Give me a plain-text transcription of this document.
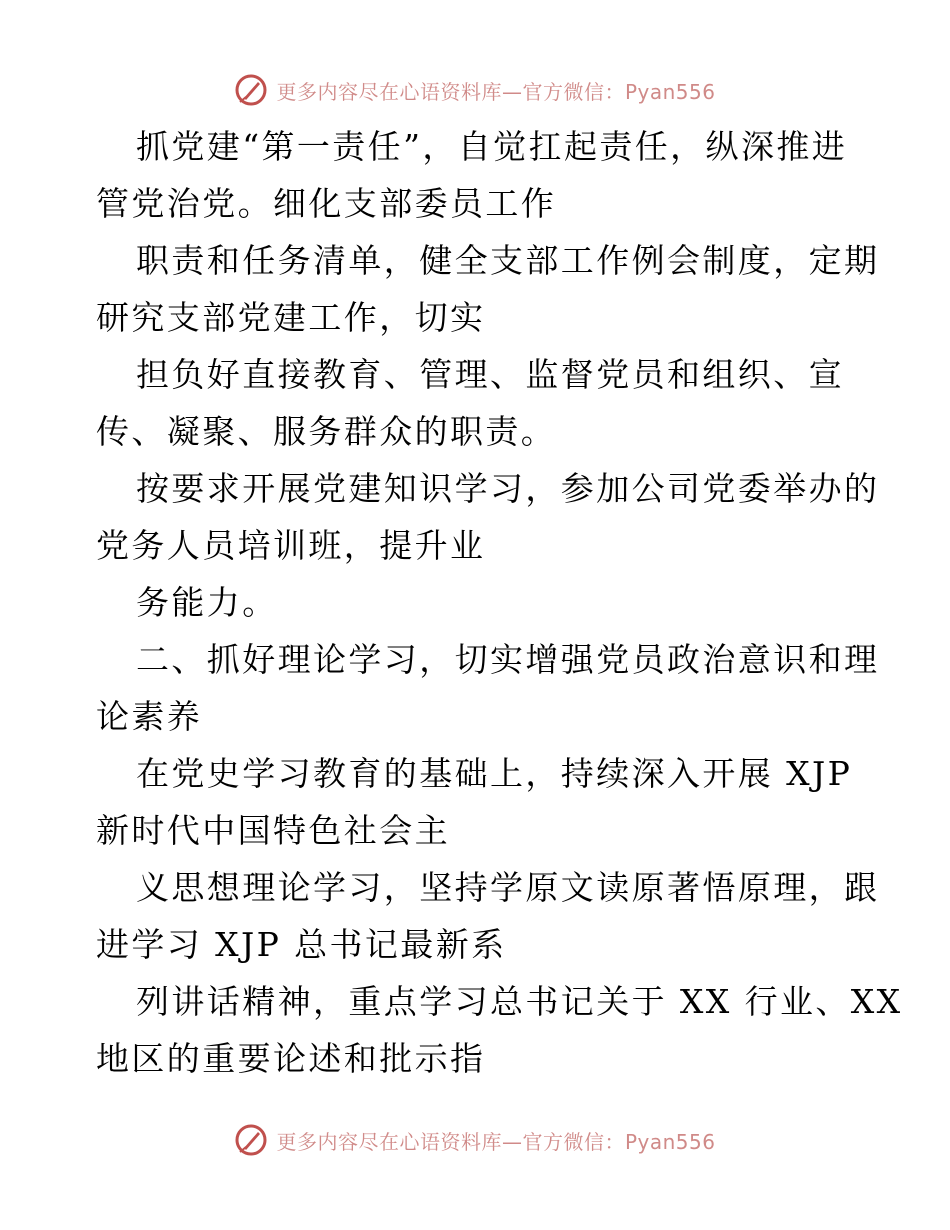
更多内容尽在心语资料库—官方微信：Pyan556

抓党建“第一责任”，自觉扛起责任，纵深推进
管党治党。细化支部委员工作

职责和任务清单，健全支部工作例会制度，定期
研究支部党建工作，切实

担负好直接教育、管理、监督党员和组织、宣
传、凝聚、服务群众的职责。

按要求开展党建知识学习，参加公司党委举办的
党务人员培训班，提升业

务能力。

二、抓好理论学习，切实增强党员政治意识和理
论素养

在党史学习教育的基础上，持续深入开展 XJP
新时代中国特色社会主

义思想理论学习，坚持学原文读原著悟原理，跟
进学习 XJP 总书记最新系

列讲话精神，重点学习总书记关于 XX 行业、XX
地区的重要论述和批示指

更多内容尽在心语资料库—官方微信：Pyan556
